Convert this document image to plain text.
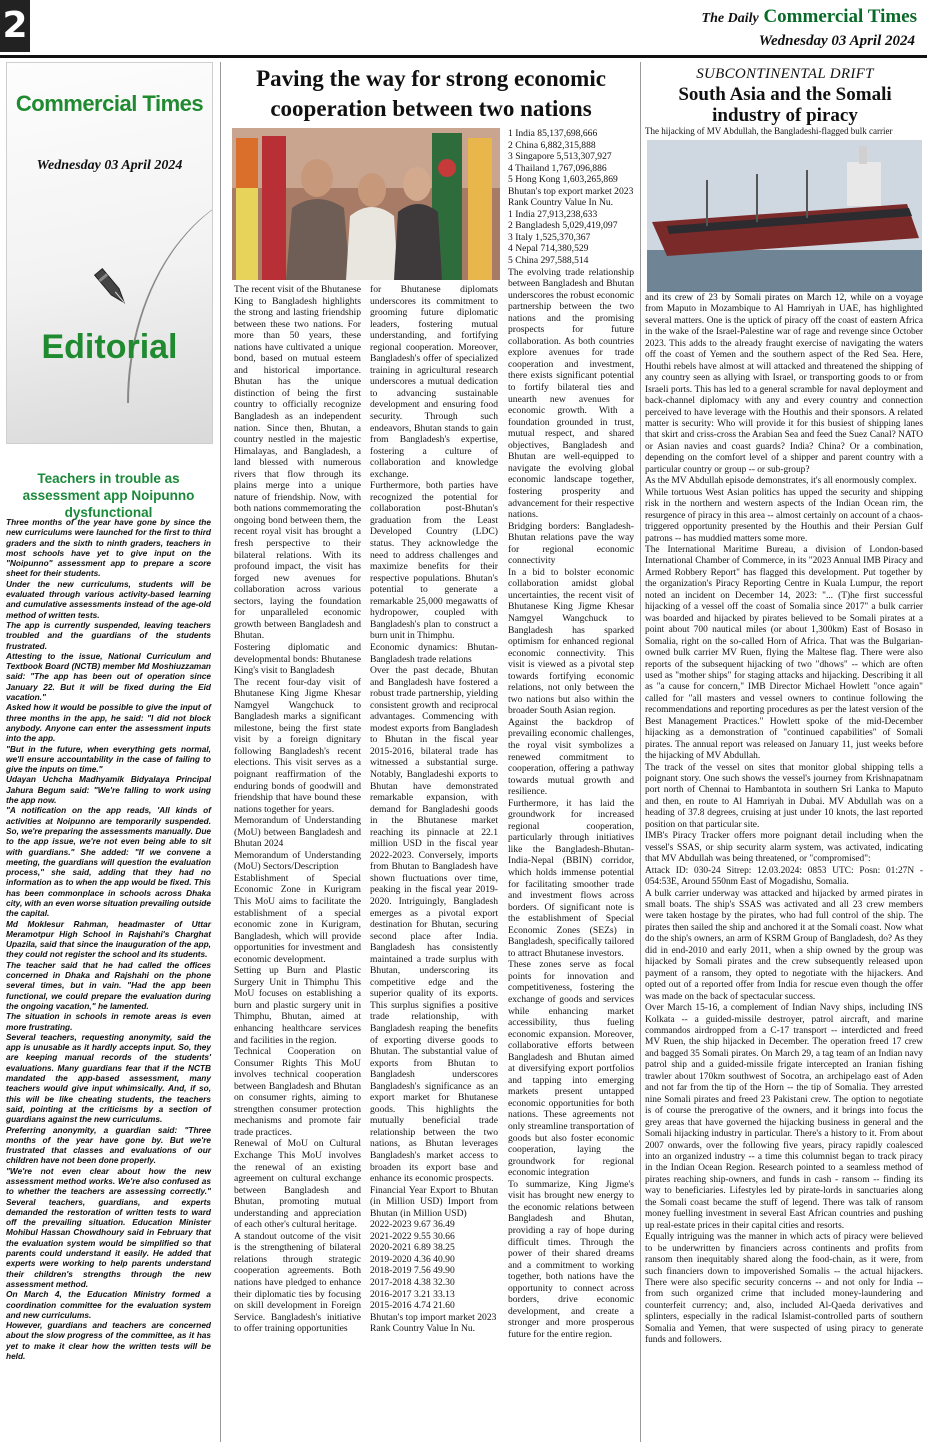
2	The Daily Commercial Times
Wednesday 03 April 2024
Commercial Times
Wednesday 03 April 2024
Editorial
Teachers in trouble as assessment app Noipunno dysfunctional

Three months of the year have gone by since the new curriculums were launched for the first to third graders and the sixth to ninth graders, teachers in most schools have yet to give input on the "Noipunno" assessment app to prepare a score sheet for their students.

Under the new curriculums, students will be evaluated through various activity-based learning and cumulative assessments instead of the age-old method of written tests.

The app is currently suspended, leaving teachers troubled and the guardians of the students frustrated.

Attesting to the issue, National Curriculum and Textbook Board (NCTB) member Md Moshiuzzaman said: "The app has been out of operation since January 22. But it will be fixed during the Eid vacation."

Asked how it would be possible to give the input of three months in the app, he said: "I did not block anybody. Anyone can enter the assessment inputs into the app.

"But in the future, when everything gets normal, we'll ensure accountability in the case of failing to give the inputs on time."

Udayan Uchcha Madhyamik Bidyalaya Principal Jahura Begum said: "We're falling to work using the app now.

"A notification on the app reads, 'All kinds of activities at Noipunno are temporarily suspended. So, we're preparing the assessments manually. Due to the app issue, we're not even being able to sit with guardians." She added: "If we convene a meeting, the guardians will question the evaluation process," she said, adding that they had no information as to when the app would be fixed. This has been commonplace in schools across Dhaka city, with an even worse situation prevailing outside the capital.

Md Moklesur Rahman, headmaster of Uttar Meramotpur High School in Rajshahi's Charghat Upazila, said that since the inauguration of the app, they could not register the school and its students.

The teacher said that he had called the offices concerned in Dhaka and Rajshahi on the phone several times, but in vain. "Had the app been functional, we could prepare the evaluation during the ongoing vacation," he lamented.

The situation in schools in remote areas is even more frustrating.

Several teachers, requesting anonymity, said the app is unusable as it hardly accepts input. So, they are keeping manual records of the students' evaluations. Many guardians fear that if the NCTB mandated the app-based assessment, many teachers would give input whimsically. And, if so, this will be like cheating students, the teachers said, pointing at the criticisms by a section of guardians against the new curriculums.

Preferring anonymity, a guardian said: "Three months of the year have gone by. But we're frustrated that classes and evaluations of our children have not been done properly.

"We're not even clear about how the new assessment method works. We're also confused as to whether the teachers are assessing correctly." Several teachers, guardians, and experts demanded the restoration of written tests to ward off the prevailing situation. Education Minister Mohibul Hassan Chowdhoury said in February that the evaluation system would be simplified so that parents could understand it easily. He added that experts were working to help parents understand their children's strengths through the new assessment method.

On March 4, the Education Ministry formed a coordination committee for the evaluation system and new curriculums.

However, guardians and teachers are concerned about the slow progress of the committee, as it has yet to make it clear how the written tests will be held.

Paving the way for strong economic cooperation between two nations

The recent visit of the Bhutanese King to Bangladesh highlights the strong and lasting friendship between these two nations. For more than 50 years, these nations have cultivated a unique bond, based on mutual esteem and historical importance. Bhutan has the unique distinction of being the first country to officially recognize Bangladesh as an independent nation. Since then, Bhutan, a country nestled in the majestic Himalayas, and Bangladesh, a land blessed with numerous rivers that flow through its plains merge into a unique nature of friendship. Now, with both nations commemorating the ongoing bond between them, the recent royal visit has brought a fresh perspective to their bilateral relations. With its profound impact, the visit has forged new avenues for collaboration across various sectors, laying the foundation for unparalleled economic growth between Bangladesh and Bhutan.

Fostering diplomatic and developmental bonds: Bhutanese King's visit to Bangladesh

The recent four-day visit of Bhutanese King Jigme Khesar Namgyel Wangchuck to Bangladesh marks a significant milestone, being the first state visit by a foreign dignitary following Bangladesh's recent elections. This visit serves as a poignant reaffirmation of the enduring bonds of goodwill and friendship that have bound these nations together for years.

Memorandum of Understanding (MoU) between Bangladesh and Bhutan 2024

Memorandum of Understanding (MoU) Sectors/Description

Establishment of Special Economic Zone in Kurigram This MoU aims to facilitate the establishment of a special economic zone in Kurigram, Bangladesh, which will provide opportunities for investment and economic development.

Setting up Burn and Plastic Surgery Unit in Thimphu This MoU focuses on establishing a burn and plastic surgery unit in Thimphu, Bhutan, aimed at enhancing healthcare services and facilities in the region.

Technical Cooperation on Consumer Rights This MoU involves technical cooperation between Bangladesh and Bhutan on consumer rights, aiming to strengthen consumer protection mechanisms and promote fair trade practices.

Renewal of MoU on Cultural Exchange This MoU involves the renewal of an existing agreement on cultural exchange between Bangladesh and Bhutan, promoting mutual understanding and appreciation of each other's cultural heritage.

A standout outcome of the visit is the strengthening of bilateral relations through strategic cooperation agreements. Both nations have pledged to enhance their diplomatic ties by focusing on skill development in Foreign Service. Bangladesh's initiative to offer training opportunities

for Bhutanese diplomats underscores its commitment to grooming future diplomatic leaders, fostering mutual understanding, and fortifying regional cooperation. Moreover, Bangladesh's offer of specialized training in agricultural research underscores a mutual dedication to advancing sustainable development and ensuring food security. Through such endeavors, Bhutan stands to gain from Bangladesh's expertise, fostering a culture of collaboration and knowledge exchange.

Furthermore, both parties have recognized the potential for collaboration post-Bhutan's graduation from the Least Developed Country (LDC) status. They acknowledge the need to address challenges and maximize benefits for their respective populations. Bhutan's potential to generate a remarkable 25,000 megawatts of hydropower, coupled with Bangladesh's plan to construct a burn unit in Thimphu.

Economic dynamics: Bhutan-Bangladesh trade relations

Over the past decade, Bhutan and Bangladesh have fostered a robust trade partnership, yielding consistent growth and reciprocal advantages. Commencing with modest exports from Bangladesh to Bhutan in the fiscal year 2015-2016, bilateral trade has witnessed a substantial surge. Notably, Bangladeshi exports to Bhutan have demonstrated remarkable expansion, with demand for Bangladeshi goods in the Bhutanese market reaching its pinnacle at 22.1 million USD in the fiscal year 2022-2023. Conversely, imports from Bhutan to Bangladesh have shown fluctuations over time, peaking in the fiscal year 2019-2020. Intriguingly, Bangladesh emerges as a pivotal export destination for Bhutan, securing second place after India. Bangladesh has consistently maintained a trade surplus with Bhutan, underscoring its competitive edge and the superior quality of its exports. This surplus signifies a positive trade relationship, with Bangladesh reaping the benefits of exporting diverse goods to Bhutan. The substantial value of exports from Bhutan to Bangladesh underscores Bangladesh's significance as an export market for Bhutanese goods. This highlights the mutually beneficial trade relationship between the two nations, as Bhutan leverages Bangladesh's market access to broaden its export base and enhance its economic prospects.

Financial Year Export to Bhutan (in Million USD) Import from Bhutan (in Million USD)

2022-2023 9.67 36.49

2021-2022 9.55 30.66

2020-2021 6.89 38.25

2019-2020 4.36 40.90

2018-2019 7.56 49.90

2017-2018 4.38 32.30

2016-2017 3.21 33.13

2015-2016 4.74 21.60

Bhutan's top import market 2023

Rank Country Value In Nu.

1 India 85,137,698,666

2 China 6,882,315,888

3 Singapore 5,513,307,927

4 Thailand 1,767,096,886

5 Hong Kong 1,603,265,869

Bhutan's top export market 2023

Rank Country Value In Nu.

1 India 27,913,238,633

2 Bangladesh 5,029,419,097

3 Italy 1,525,370,367

4 Nepal 714,380,529

5 China 297,588,514

The evolving trade relationship between Bangladesh and Bhutan underscores the robust economic partnership between the two nations and the promising prospects for future collaboration. As both countries explore avenues for trade cooperation and investment, there exists significant potential to fortify bilateral ties and unearth new avenues for economic growth. With a foundation grounded in trust, mutual respect, and shared objectives, Bangladesh and Bhutan are well-equipped to navigate the evolving global economic landscape together, fostering prosperity and advancement for their respective nations.

Bridging borders: Bangladesh-Bhutan relations pave the way for regional economic connectivity

In a bid to bolster economic collaboration amidst global uncertainties, the recent visit of Bhutanese King Jigme Khesar Namgyel Wangchuck to Bangladesh has sparked optimism for enhanced regional economic connectivity. This visit is viewed as a pivotal step towards fortifying economic relations, not only between the two nations but also within the broader South Asian region.

Against the backdrop of prevailing economic challenges, the royal visit symbolizes a renewed commitment to cooperation, offering a pathway towards mutual growth and resilience.

Furthermore, it has laid the groundwork for increased regional cooperation, particularly through initiatives like the Bangladesh-Bhutan-India-Nepal (BBIN) corridor, which holds immense potential for facilitating smoother trade and investment flows across borders. Of significant note is the establishment of Special Economic Zones (SEZs) in Bangladesh, specifically tailored to attract Bhutanese investors.

These zones serve as focal points for innovation and competitiveness, fostering the exchange of goods and services while enhancing market accessibility, thus fueling economic expansion. Moreover, collaborative efforts between Bangladesh and Bhutan aimed at diversifying export portfolios and tapping into emerging markets present untapped economic opportunities for both nations. These agreements not only streamline transportation of goods but also foster economic cooperation, laying the groundwork for regional economic integration

To summarize, King Jigme's visit has brought new energy to the economic relations between Bangladesh and Bhutan, providing a ray of hope during difficult times. Through the power of their shared dreams and a commitment to working together, both nations have the opportunity to connect across borders, drive economic development, and create a stronger and more prosperous future for the entire region.

SUBCONTINENTAL DRIFT
South Asia and the Somali industry of piracy
The hijacking of MV Abdullah, the Bangladeshi-flagged bulk carrier

and its crew of 23 by Somali pirates on March 12, while on a voyage from Maputo in Mozambique to Al Hamriyah in UAE, has highlighted several matters. One is the uptick of piracy off the coast of eastern Africa in the wake of the Israel-Palestine war of rage and revenge since October 2023. This adds to the already fraught exercise of navigating the waters off the coast of Yemen and the southern aspect of the Red Sea. Here, Houthi rebels have almost at will attacked and threatened the shipping of any country seen as allying with Israel, or transporting goods to or from Israeli ports. This has led to a general scramble for naval deployment and back-channel diplomacy with any and every country and connection perceived to have leverage with the Houthis and their sponsors. A related matter is security: Who will provide it for this busiest of shipping lanes that skirt and criss-cross the Arabian Sea and feed the Suez Canal? NATO or Asian navies and coast guards? India? China? Or a combination, depending on the comfort level of a shipper and parent country with a particular country or group -- or sub-group?

As the MV Abdullah episode demonstrates, it's all enormously complex.

While tortuous West Asian politics has upped the security and shipping risk in the northern and western aspects of the Indian Ocean rim, the resurgence of piracy in this area -- almost certainly on account of a chaos-triggered opportunity presented by the Houthis and their Persian Gulf patrons -- has muddied matters some more.

The International Maritime Bureau, a division of London-based International Chamber of Commerce, in its "2023 Annual IMB Piracy and Armed Robbery Report" has flagged this development. Put together by the organization's Piracy Reporting Centre in Kuala Lumpur, the report noted an incident on December 14, 2023: "... (T)he first successful hijacking of a vessel off the coast of Somalia since 2017" a bulk carrier was boarded and hijacked by pirates believed to be Somali pirates at a point about 700 nautical miles (or about 1,300km) East of Bosaso in Somalia, right on the so-called Horn of Africa. That was the Bulgarian-owned bulk carrier MV Ruen, flying the Maltese flag. There were also reports of the subsequent hijacking of two "dhows" -- which are often used as "mother ships" for staging attacks and hijacking. Describing it all as "a cause for concern," IMB Director Michael Howlett "once again" called for "all masters and vessel owners to continue following the recommendations and reporting procedures as per the latest version of the Best Management Practices." Howlett spoke of the mid-December hijacking as a demonstration of "continued capabilities" of Somali pirates. The annual report was released on January 11, just weeks before the hijacking of MV Abdullah.

The track of the vessel on sites that monitor global shipping tells a poignant story. One such shows the vessel's journey from Krishnapatnam port north of Chennai to Hambantota in southern Sri Lanka to Maputo and then, en route to Al Hamriyah in Dubai. MV Abdullah was on a heading of 37.8 degrees, cruising at just under 10 knots, the last reported position on that particular site.

IMB's Piracy Tracker offers more poignant detail including when the vessel's SSAS, or ship security alarm system, was activated, indicating that MV Abdullah was being threatened, or "compromised":

Attack ID: 030-24 Sitrep: 12.03.2024: 0853 UTC: Posn: 01:27N - 054:53E, Around 550nm East of Mogadishu, Somalia.

A bulk carrier underway was attacked and hijacked by armed pirates in small boats. The ship's SSAS was activated and all 23 crew members were taken hostage by the pirates, who had full control of the ship. The pirates then sailed the ship and anchored it at the Somali coast. Now what do the ship's owners, an arm of KSRM Group of Bangladesh, do? As they did in end-2010 and early 2011, when a ship owned by the group was hijacked by Somali pirates and the crew subsequently released upon payment of a ransom, they opted to negotiate with the hijackers. And opted out of a reported offer from India for rescue even though the offer was made on the back of spectacular success.

Over March 15-16, a complement of Indian Navy ships, including INS Kolkata -- a guided-missile destroyer, patrol aircraft, and marine commandos airdropped from a C-17 transport -- interdicted and freed MV Ruen, the ship hijacked in December. The operation freed 17 crew and bagged 35 Somali pirates. On March 29, a tag team of an Indian navy patrol ship and a guided-missile frigate intercepted an Iranian fishing trawler about 170km southwest of Socotra, an archipelago east of Aden and not far from the tip of the Horn -- the tip of Somalia. They arrested nine Somali pirates and freed 23 Pakistani crew. The option to negotiate is of course the prerogative of the owners, and it brings into focus the grey areas that have governed the hijacking business in general and the Somali hijacking industry in particular. There's a history to it. From about 2007 onwards, over the following five years, piracy rapidly coalesced into an organized industry -- a time this columnist began to track piracy in the Indian Ocean Region. Research pointed to a seamless method of pirates reaching ship-owners, and funds in cash - ransom -- finding its way to beneficiaries. Lifestyles led by pirate-lords in sanctuaries along the Somali coast became the stuff of legend. There was talk of ransom money fuelling investment in several East African countries and pushing up real-estate prices in their capital cities and resorts.

Equally intriguing was the manner in which acts of piracy were believed to be underwritten by financiers across continents and profits from ransom then inequitably shared along the food-chain, as it were, from such financiers down to impoverished Somalis -- the actual hijackers. There were also specific security concerns -- and not only for India -- from such organized crime that included money-laundering and counterfeit currency; and, also, included Al-Qaeda derivatives and splinters, especially in the radical Islamist-controlled parts of southern Somalia and Yemen, that were suspected of using piracy to generate funds and followers.
